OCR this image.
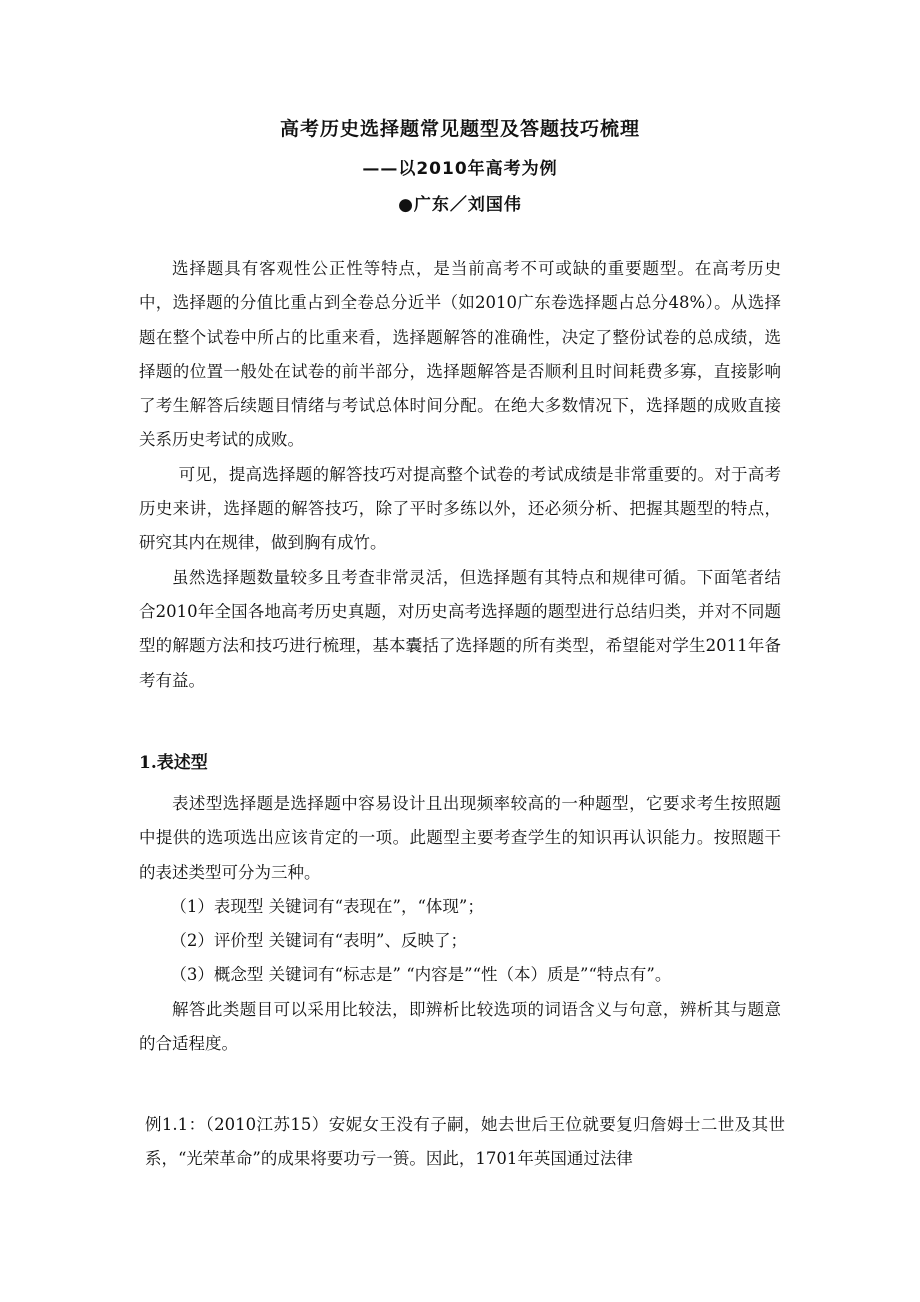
高考历史选择题常见题型及答题技巧梳理
——以2010年高考为例
●广东／刘国伟

选择题具有客观性公正性等特点，是当前高考不可或缺的重要题型。在高考历史中，选择题的分值比重占到全卷总分近半（如2010广东卷选择题占总分48%）。从选择题在整个试卷中所占的比重来看，选择题解答的准确性，决定了整份试卷的总成绩，选择题的位置一般处在试卷的前半部分，选择题解答是否顺利且时间耗费多寡，直接影响了考生解答后续题目情绪与考试总体时间分配。在绝大多数情况下，选择题的成败直接关系历史考试的成败。

可见，提高选择题的解答技巧对提高整个试卷的考试成绩是非常重要的。对于高考历史来讲，选择题的解答技巧，除了平时多练以外，还必须分析、把握其题型的特点，研究其内在规律，做到胸有成竹。

虽然选择题数量较多且考查非常灵活，但选择题有其特点和规律可循。下面笔者结合2010年全国各地高考历史真题，对历史高考选择题的题型进行总结归类，并对不同题型的解题方法和技巧进行梳理，基本囊括了选择题的所有类型，希望能对学生2011年备考有益。

1.表述型

表述型选择题是选择题中容易设计且出现频率较高的一种题型，它要求考生按照题中提供的选项选出应该肯定的一项。此题型主要考查学生的知识再认识能力。按照题干的表述类型可分为三种。

（1）表现型 关键词有“表现在”，“体现”；

（2）评价型 关键词有“表明”、反映了；

（3）概念型 关键词有“标志是” “内容是”“性（本）质是”“特点有”。

解答此类题目可以采用比较法，即辨析比较选项的词语含义与句意，辨析其与题意的合适程度。

例1.1：（2010江苏15）安妮女王没有子嗣，她去世后王位就要复归詹姆士二世及其世系，“光荣革命”的成果将要功亏一篑。因此，1701年英国通过法律
